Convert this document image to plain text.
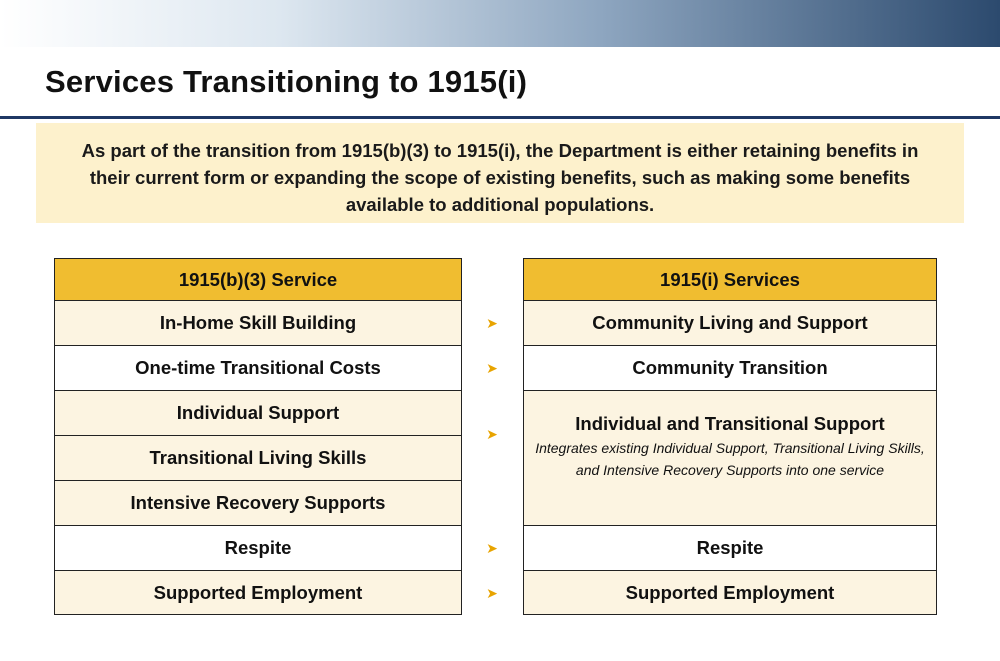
Services Transitioning to 1915(i)

As part of the transition from 1915(b)(3) to 1915(i), the Department is either retaining benefits in their current form or expanding the scope of existing benefits, such as making some benefits available to additional populations.

1915(b)(3) Service
In-Home Skill Building
One-time Transitional Costs
Individual Support
Transitional Living Skills
Intensive Recovery Supports
Respite
Supported Employment
➤
➤
➤
➤
➤
1915(i) Services
Community Living and Support
Community Transition
Individual and Transitional Support
Integrates existing Individual Support, Transitional Living Skills, and Intensive Recovery Supports into one service
Respite
Supported Employment
